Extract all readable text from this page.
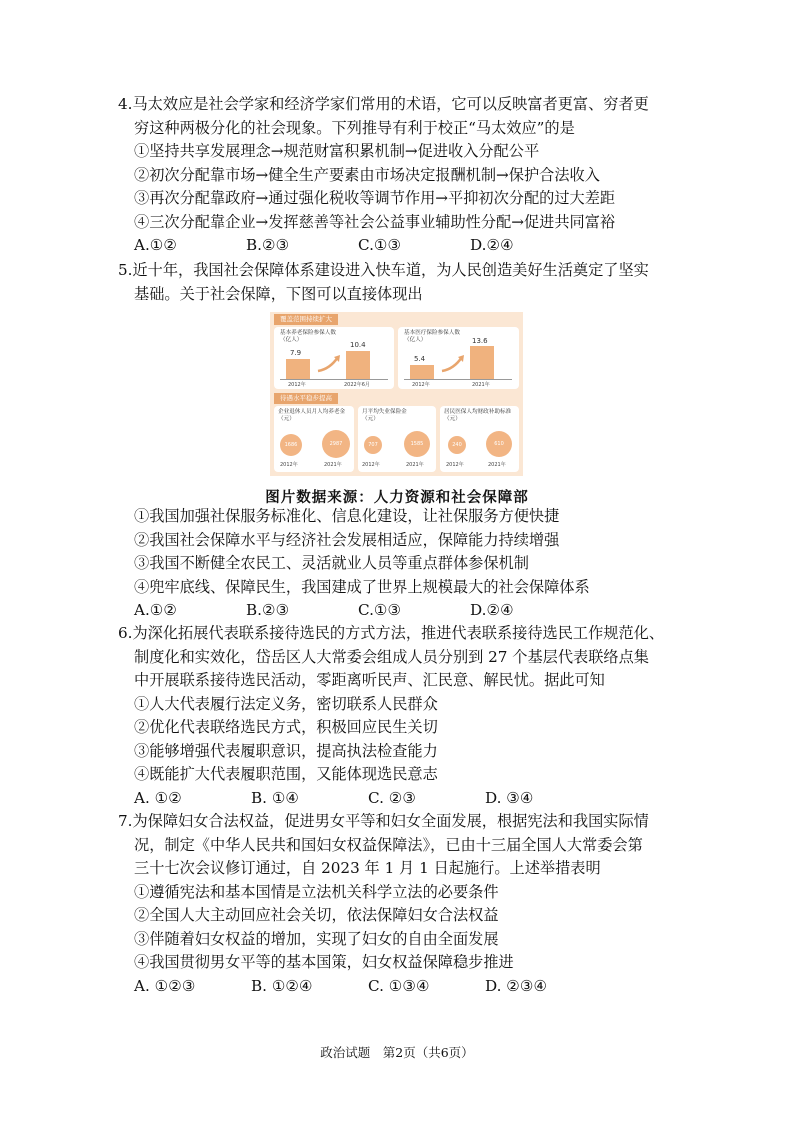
4.马太效应是社会学家和经济学家们常用的术语，它可以反映富者更富、穷者更
穷这种两极分化的社会现象。下列推导有利于校正“马太效应”的是
①坚持共享发展理念→规范财富积累机制→促进收入分配公平
②初次分配靠市场→健全生产要素由市场决定报酬机制→保护合法收入
③再次分配靠政府→通过强化税收等调节作用→平抑初次分配的过大差距
④三次分配靠企业→发挥慈善等社会公益事业辅助性分配→促进共同富裕
A.①②	B.②③	C.①③	D.②④
5.近十年，我国社会保障体系建设进入快车道，为人民创造美好生活奠定了坚实
基础。关于社会保障，下图可以直接体现出
覆盖范围持续扩大
基本养老保险参保人数
（亿人）
7.9
10.4
2012年	2022年6月
基本医疗保险参保人数
（亿人）
5.4
13.6
2012年	2021年
待遇水平稳步提高
企业退休人员月人均养老金
（元）
1686	2987
2012年	2021年
月平均失业保险金
（元）
707	1585
2012年	2021年
居民医保人均财政补助标准
（元）
240	610
2012年	2021年
图片数据来源：人力资源和社会保障部
①我国加强社保服务标准化、信息化建设，让社保服务方便快捷
②我国社会保障水平与经济社会发展相适应，保障能力持续增强
③我国不断健全农民工、灵活就业人员等重点群体参保机制
④兜牢底线、保障民生，我国建成了世界上规模最大的社会保障体系
A.①②	B.②③	C.①③	D.②④
6.为深化拓展代表联系接待选民的方式方法，推进代表联系接待选民工作规范化、
制度化和实效化，岱岳区人大常委会组成人员分别到 27 个基层代表联络点集
中开展联系接待选民活动，零距离听民声、汇民意、解民忧。据此可知
①人大代表履行法定义务，密切联系人民群众
②优化代表联络选民方式，积极回应民生关切
③能够增强代表履职意识，提高执法检查能力
④既能扩大代表履职范围，又能体现选民意志
A. ①②	B. ①④	C. ②③	D. ③④
7.为保障妇女合法权益，促进男女平等和妇女全面发展，根据宪法和我国实际情
况，制定《中华人民共和国妇女权益保障法》，已由十三届全国人大常委会第
三十七次会议修订通过，自 2023 年 1 月 1 日起施行。上述举措表明
①遵循宪法和基本国情是立法机关科学立法的必要条件
②全国人大主动回应社会关切，依法保障妇女合法权益
③伴随着妇女权益的增加，实现了妇女的自由全面发展
④我国贯彻男女平等的基本国策，妇女权益保障稳步推进
A. ①②③	B. ①②④	C. ①③④	D. ②③④
政治试题　第2页（共6页）
